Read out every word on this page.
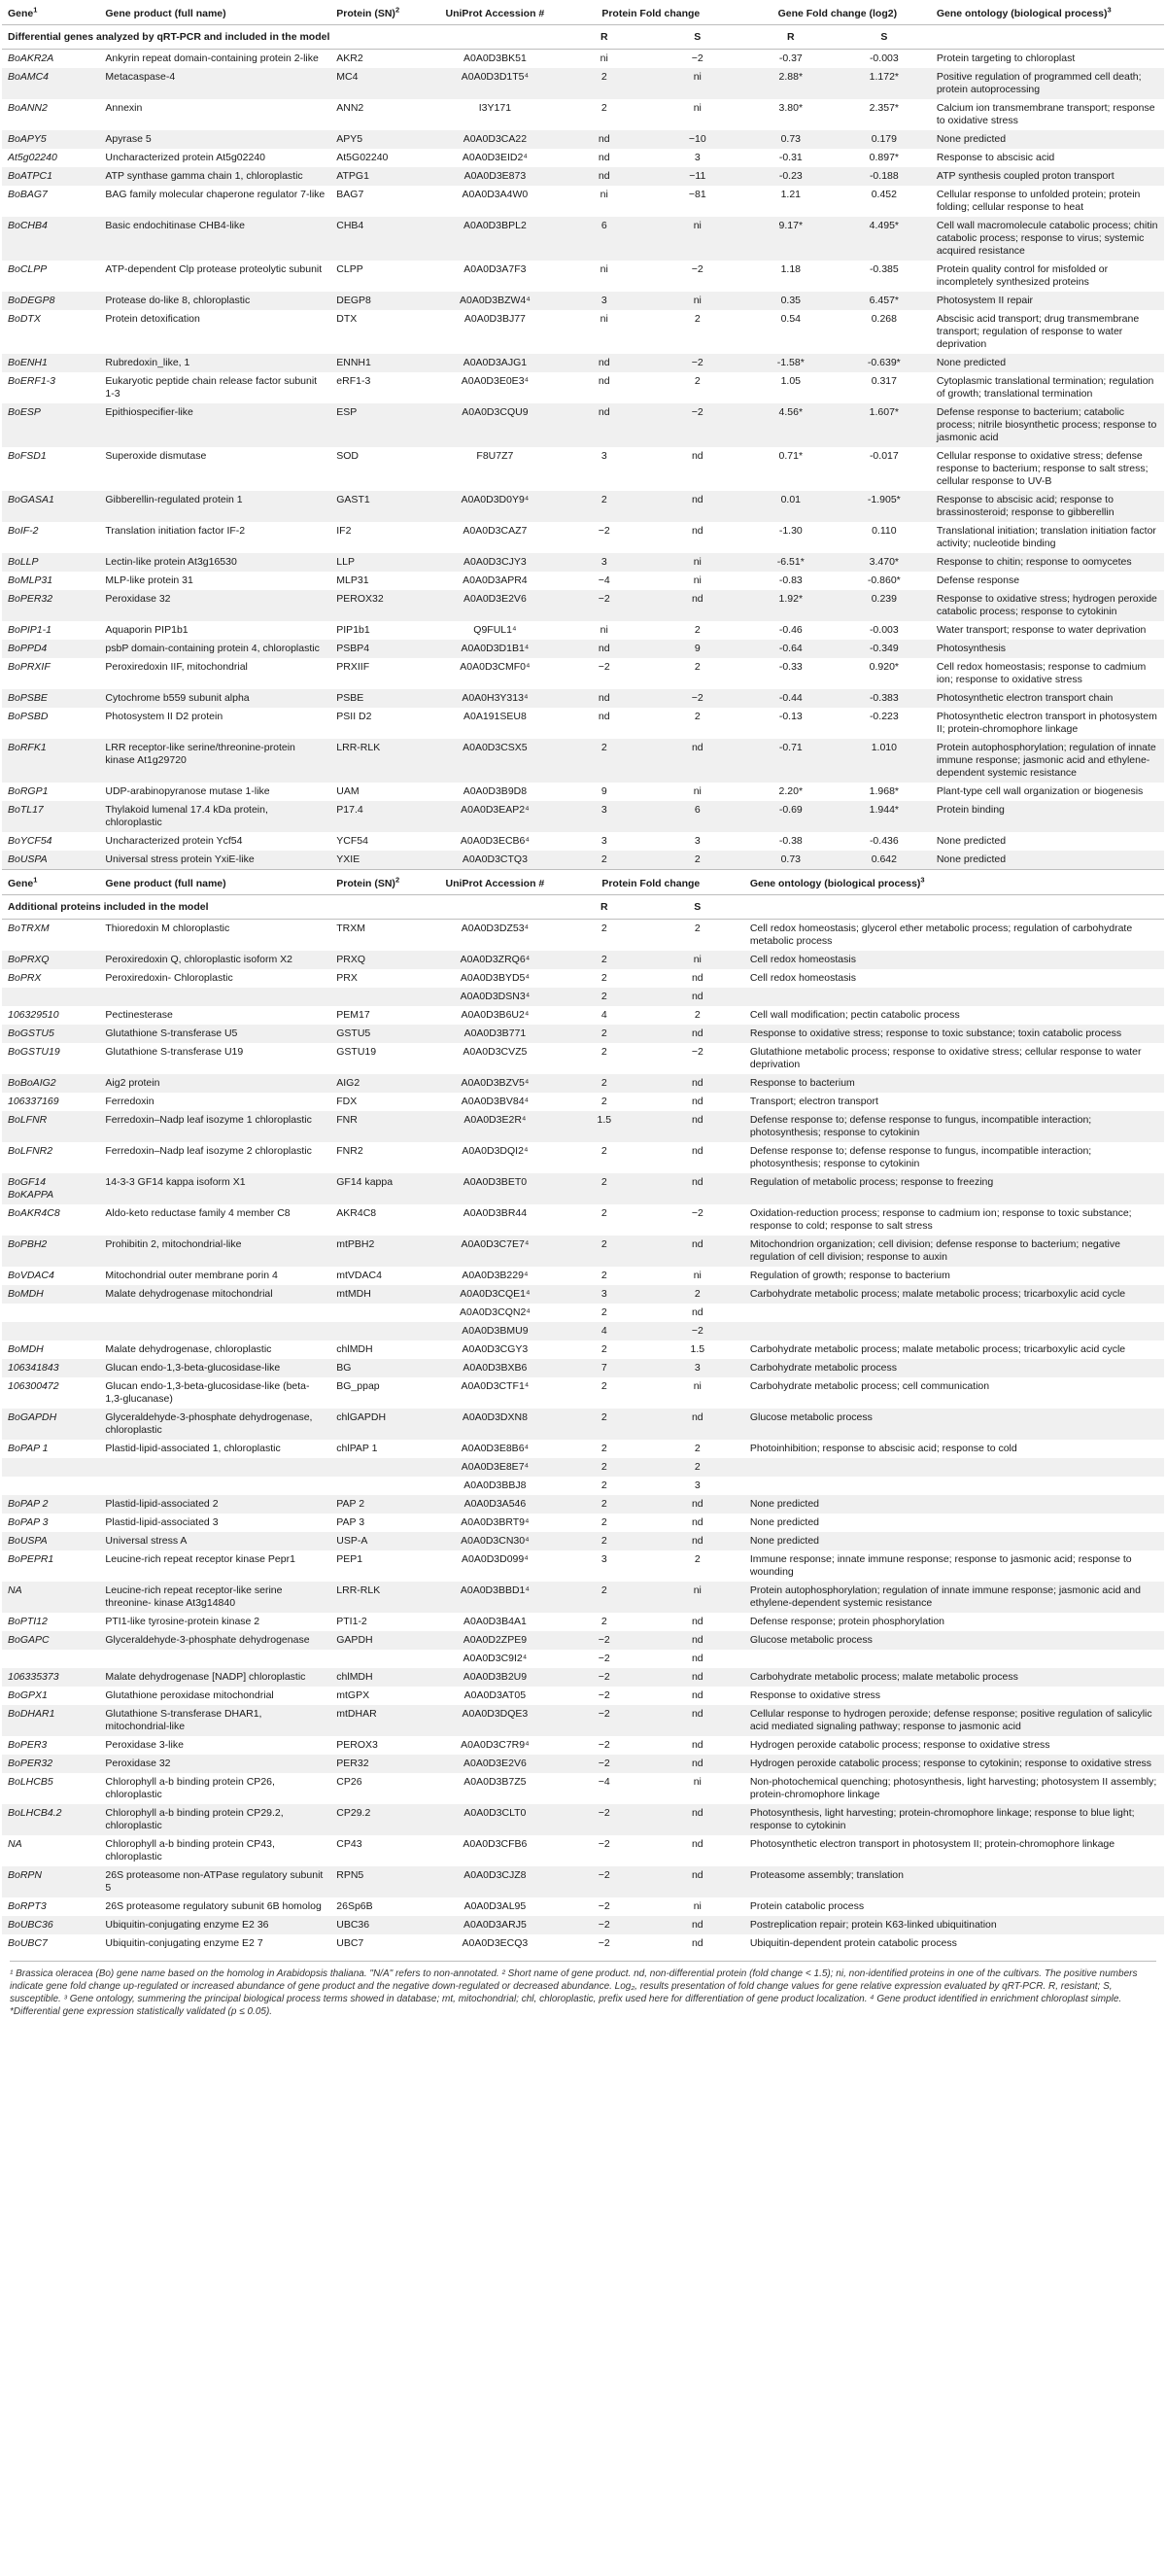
Gene$^1$	Gene product (full name)	Protein (SN)$^2$	UniProt Accession #	Protein Fold change		Gene Fold change (log2)		Gene ontology (biological process)$^3$
Differential genes analyzed by qRT-PCR and included in the model				R	S	R	S	
BoAKR2A	Ankyrin repeat domain-containing protein 2-like	AKR2	A0A0D3BK51	ni	−2	-0.37	-0.003	Protein targeting to chloroplast
BoAMC4	Metacaspase-4	MC4	A0A0D3D1T5⁴	2	ni	2.88*	1.172*	Positive regulation of programmed cell death; protein autoprocessing
BoANN2	Annexin	ANN2	I3Y171	2	ni	3.80*	2.357*	Calcium ion transmembrane transport; response to oxidative stress
BoAPY5	Apyrase 5	APY5	A0A0D3CA22	nd	−10	0.73	0.179	None predicted
At5g02240	Uncharacterized protein At5g02240	At5G02240	A0A0D3EID2⁴	nd	3	-0.31	0.897*	Response to abscisic acid
BoATPC1	ATP synthase gamma chain 1, chloroplastic	ATPG1	A0A0D3E873	nd	−11	-0.23	-0.188	ATP synthesis coupled proton transport
BoBAG7	BAG family molecular chaperone regulator 7-like	BAG7	A0A0D3A4W0	ni	−81	1.21	0.452	Cellular response to unfolded protein; protein folding; cellular response to heat
BoCHB4	Basic endochitinase CHB4-like	CHB4	A0A0D3BPL2	6	ni	9.17*	4.495*	Cell wall macromolecule catabolic process; chitin catabolic process; response to virus; systemic acquired resistance
BoCLPP	ATP-dependent Clp protease proteolytic subunit	CLPP	A0A0D3A7F3	ni	−2	1.18	-0.385	Protein quality control for misfolded or incompletely synthesized proteins
BoDEGP8	Protease do-like 8, chloroplastic	DEGP8	A0A0D3BZW4⁴	3	ni	0.35	6.457*	Photosystem II repair
BoDTX	Protein detoxification	DTX	A0A0D3BJ77	ni	2	0.54	0.268	Abscisic acid transport; drug transmembrane transport; regulation of response to water deprivation
BoENH1	Rubredoxin_like, 1	ENNH1	A0A0D3AJG1	nd	−2	-1.58*	-0.639*	None predicted
BoERF1-3	Eukaryotic peptide chain release factor subunit 1-3	eRF1-3	A0A0D3E0E3⁴	nd	2	1.05	0.317	Cytoplasmic translational termination; regulation of growth; translational termination
BoESP	Epithiospecifier-like	ESP	A0A0D3CQU9	nd	−2	4.56*	1.607*	Defense response to bacterium; catabolic process; nitrile biosynthetic process; response to jasmonic acid
BoFSD1	Superoxide dismutase	SOD	F8U7Z7	3	nd	0.71*	-0.017	Cellular response to oxidative stress; defense response to bacterium; response to salt stress; cellular response to UV-B
BoGASA1	Gibberellin-regulated protein 1	GAST1	A0A0D3D0Y9⁴	2	nd	0.01	-1.905*	Response to abscisic acid; response to brassinosteroid; response to gibberellin
BoIF-2	Translation initiation factor IF-2	IF2	A0A0D3CAZ7	−2	nd	-1.30	0.110	Translational initiation; translation initiation factor activity; nucleotide binding
BoLLP	Lectin-like protein At3g16530	LLP	A0A0D3CJY3	3	ni	-6.51*	3.470*	Response to chitin; response to oomycetes
BoMLP31	MLP-like protein 31	MLP31	A0A0D3APR4	−4	ni	-0.83	-0.860*	Defense response
BoPER32	Peroxidase 32	PEROX32	A0A0D3E2V6	−2	nd	1.92*	0.239	Response to oxidative stress; hydrogen peroxide catabolic process; response to cytokinin
BoPIP1-1	Aquaporin PIP1b1	PIP1b1	Q9FUL1⁴	ni	2	-0.46	-0.003	Water transport; response to water deprivation
BoPPD4	psbP domain-containing protein 4, chloroplastic	PSBP4	A0A0D3D1B1⁴	nd	9	-0.64	-0.349	Photosynthesis
BoPRXIF	Peroxiredoxin IIF, mitochondrial	PRXIIF	A0A0D3CMF0⁴	−2	2	-0.33	0.920*	Cell redox homeostasis; response to cadmium ion; response to oxidative stress
BoPSBE	Cytochrome b559 subunit alpha	PSBE	A0A0H3Y313⁴	nd	−2	-0.44	-0.383	Photosynthetic electron transport chain
BoPSBD	Photosystem II D2 protein	PSII D2	A0A191SEU8	nd	2	-0.13	-0.223	Photosynthetic electron transport in photosystem II; protein-chromophore linkage
BoRFK1	LRR receptor-like serine/threonine-protein kinase At1g29720	LRR-RLK	A0A0D3CSX5	2	nd	-0.71	1.010	Protein autophosphorylation; regulation of innate immune response; jasmonic acid and ethylene-dependent systemic resistance
BoRGP1	UDP-arabinopyranose mutase 1-like	UAM	A0A0D3B9D8	9	ni	2.20*	1.968*	Plant-type cell wall organization or biogenesis
BoTL17	Thylakoid lumenal 17.4 kDa protein, chloroplastic	P17.4	A0A0D3EAP2⁴	3	6	-0.69	1.944*	Protein binding
BoYCF54	Uncharacterized protein Ycf54	YCF54	A0A0D3ECB6⁴	3	3	-0.38	-0.436	None predicted
BoUSPA	Universal stress protein YxiE-like	YXIE	A0A0D3CTQ3	2	2	0.73	0.642	None predicted
Gene$^1$	Gene product (full name)	Protein (SN)$^2$	UniProt Accession #	Protein Fold change		Gene ontology (biological process)$^3$
Additional proteins included in the model				R	S	
BoTRXM	Thioredoxin M chloroplastic	TRXM	A0A0D3DZ53⁴	2	2	Cell redox homeostasis; glycerol ether metabolic process; regulation of carbohydrate metabolic process
BoPRXQ	Peroxiredoxin Q, chloroplastic isoform X2	PRXQ	A0A0D3ZRQ6⁴	2	ni	Cell redox homeostasis
BoPRX	Peroxiredoxin- Chloroplastic	PRX	A0A0D3BYD5⁴	2	nd	Cell redox homeostasis
			A0A0D3DSN3⁴	2	nd	
106329510	Pectinesterase	PEM17	A0A0D3B6U2⁴	4	2	Cell wall modification; pectin catabolic process
BoGSTU5	Glutathione S-transferase U5	GSTU5	A0A0D3B771	2	nd	Response to oxidative stress; response to toxic substance; toxin catabolic process
BoGSTU19	Glutathione S-transferase U19	GSTU19	A0A0D3CVZ5	2	−2	Glutathione metabolic process; response to oxidative stress; cellular response to water deprivation
BoBoAIG2	Aig2 protein	AIG2	A0A0D3BZV5⁴	2	nd	Response to bacterium
106337169	Ferredoxin	FDX	A0A0D3BV84⁴	2	nd	Transport; electron transport
BoLFNR	Ferredoxin–Nadp leaf isozyme 1 chloroplastic	FNR	A0A0D3E2R⁴	1.5	nd	Defense response to; defense response to fungus, incompatible interaction; photosynthesis; response to cytokinin
BoLFNR2	Ferredoxin–Nadp leaf isozyme 2 chloroplastic	FNR2	A0A0D3DQI2⁴	2	nd	Defense response to; defense response to fungus, incompatible interaction; photosynthesis; response to cytokinin
BoGF14 BoKAPPA	14-3-3 GF14 kappa isoform X1	GF14 kappa	A0A0D3BET0	2	nd	Regulation of metabolic process; response to freezing
BoAKR4C8	Aldo-keto reductase family 4 member C8	AKR4C8	A0A0D3BR44	2	−2	Oxidation-reduction process; response to cadmium ion; response to toxic substance; response to cold; response to salt stress
BoPBH2	Prohibitin 2, mitochondrial-like	mtPBH2	A0A0D3C7E7⁴	2	nd	Mitochondrion organization; cell division; defense response to bacterium; negative regulation of cell division; response to auxin
BoVDAC4	Mitochondrial outer membrane porin 4	mtVDAC4	A0A0D3B229⁴	2	ni	Regulation of growth; response to bacterium
BoMDH	Malate dehydrogenase mitochondrial	mtMDH	A0A0D3CQE1⁴	3	2	Carbohydrate metabolic process; malate metabolic process; tricarboxylic acid cycle
			A0A0D3CQN2⁴	2	nd	
			A0A0D3BMU9	4	−2	
BoMDH	Malate dehydrogenase, chloroplastic	chlMDH	A0A0D3CGY3	2	1.5	Carbohydrate metabolic process; malate metabolic process; tricarboxylic acid cycle
106341843	Glucan endo-1,3-beta-glucosidase-like	BG	A0A0D3BXB6	7	3	Carbohydrate metabolic process
106300472	Glucan endo-1,3-beta-glucosidase-like (beta-1,3-glucanase)	BG_ppap	A0A0D3CTF1⁴	2	ni	Carbohydrate metabolic process; cell communication
BoGAPDH	Glyceraldehyde-3-phosphate dehydrogenase, chloroplastic	chlGAPDH	A0A0D3DXN8	2	nd	Glucose metabolic process
BoPAP 1	Plastid-lipid-associated 1, chloroplastic	chlPAP 1	A0A0D3E8B6⁴	2	2	Photoinhibition; response to abscisic acid; response to cold
			A0A0D3E8E7⁴	2	2	
			A0A0D3BBJ8	2	3	
BoPAP 2	Plastid-lipid-associated 2	PAP 2	A0A0D3A546	2	nd	None predicted
BoPAP 3	Plastid-lipid-associated 3	PAP 3	A0A0D3BRT9⁴	2	nd	None predicted
BoUSPA	Universal stress A	USP-A	A0A0D3CN30⁴	2	nd	None predicted
BoPEPR1	Leucine-rich repeat receptor kinase Pepr1	PEP1	A0A0D3D099⁴	3	2	Immune response; innate immune response; response to jasmonic acid; response to wounding
NA	Leucine-rich repeat receptor-like serine threonine- kinase At3g14840	LRR-RLK	A0A0D3BBD1⁴	2	ni	Protein autophosphorylation; regulation of innate immune response; jasmonic acid and ethylene-dependent systemic resistance
BoPTI12	PTI1-like tyrosine-protein kinase 2	PTI1-2	A0A0D3B4A1	2	nd	Defense response; protein phosphorylation
BoGAPC	Glyceraldehyde-3-phosphate dehydrogenase	GAPDH	A0A0D2ZPE9	−2	nd	Glucose metabolic process
			A0A0D3C9I2⁴	−2	nd	
106335373	Malate dehydrogenase [NADP] chloroplastic	chlMDH	A0A0D3B2U9	−2	nd	Carbohydrate metabolic process; malate metabolic process
BoGPX1	Glutathione peroxidase mitochondrial	mtGPX	A0A0D3AT05	−2	nd	Response to oxidative stress
BoDHAR1	Glutathione S-transferase DHAR1, mitochondrial-like	mtDHAR	A0A0D3DQE3	−2	nd	Cellular response to hydrogen peroxide; defense response; positive regulation of salicylic acid mediated signaling pathway; response to jasmonic acid
BoPER3	Peroxidase 3-like	PEROX3	A0A0D3C7R9⁴	−2	nd	Hydrogen peroxide catabolic process; response to oxidative stress
BoPER32	Peroxidase 32	PER32	A0A0D3E2V6	−2	nd	Hydrogen peroxide catabolic process; response to cytokinin; response to oxidative stress
BoLHCB5	Chlorophyll a-b binding protein CP26, chloroplastic	CP26	A0A0D3B7Z5	−4	ni	Non-photochemical quenching; photosynthesis, light harvesting; photosystem II assembly; protein-chromophore linkage
BoLHCB4.2	Chlorophyll a-b binding protein CP29.2, chloroplastic	CP29.2	A0A0D3CLT0	−2	nd	Photosynthesis, light harvesting; protein-chromophore linkage; response to blue light; response to cytokinin
NA	Chlorophyll a-b binding protein CP43, chloroplastic	CP43	A0A0D3CFB6	−2	nd	Photosynthetic electron transport in photosystem II; protein-chromophore linkage
BoRPN	26S proteasome non-ATPase regulatory subunit 5	RPN5	A0A0D3CJZ8	−2	nd	Proteasome assembly; translation
BoRPT3	26S proteasome regulatory subunit 6B homolog	26Sp6B	A0A0D3AL95	−2	ni	Protein catabolic process
BoUBC36	Ubiquitin-conjugating enzyme E2 36	UBC36	A0A0D3ARJ5	−2	nd	Postreplication repair; protein K63-linked ubiquitination
BoUBC7	Ubiquitin-conjugating enzyme E2 7	UBC7	A0A0D3ECQ3	−2	nd	Ubiquitin-dependent protein catabolic process
¹ Brassica oleracea (Bo) gene name based on the homolog in Arabidopsis thaliana. "N/A" refers to non-annotated. ² Short name of gene product. nd, non-differential protein (fold change < 1.5); ni, non-identified proteins in one of the cultivars. The positive numbers indicate gene fold change up-regulated or increased abundance of gene product and the negative down-regulated or decreased abundance. Log₂, results presentation of fold change values for gene relative expression evaluated by qRT-PCR. R, resistant; S, susceptible. ³ Gene ontology, summering the principal biological process terms showed in database; mt, mitochondrial; chl, chloroplastic, prefix used here for differentiation of gene product localization. ⁴ Gene product identified in enrichment chloroplast simple. *Differential gene expression statistically validated (p ≤ 0.05).
